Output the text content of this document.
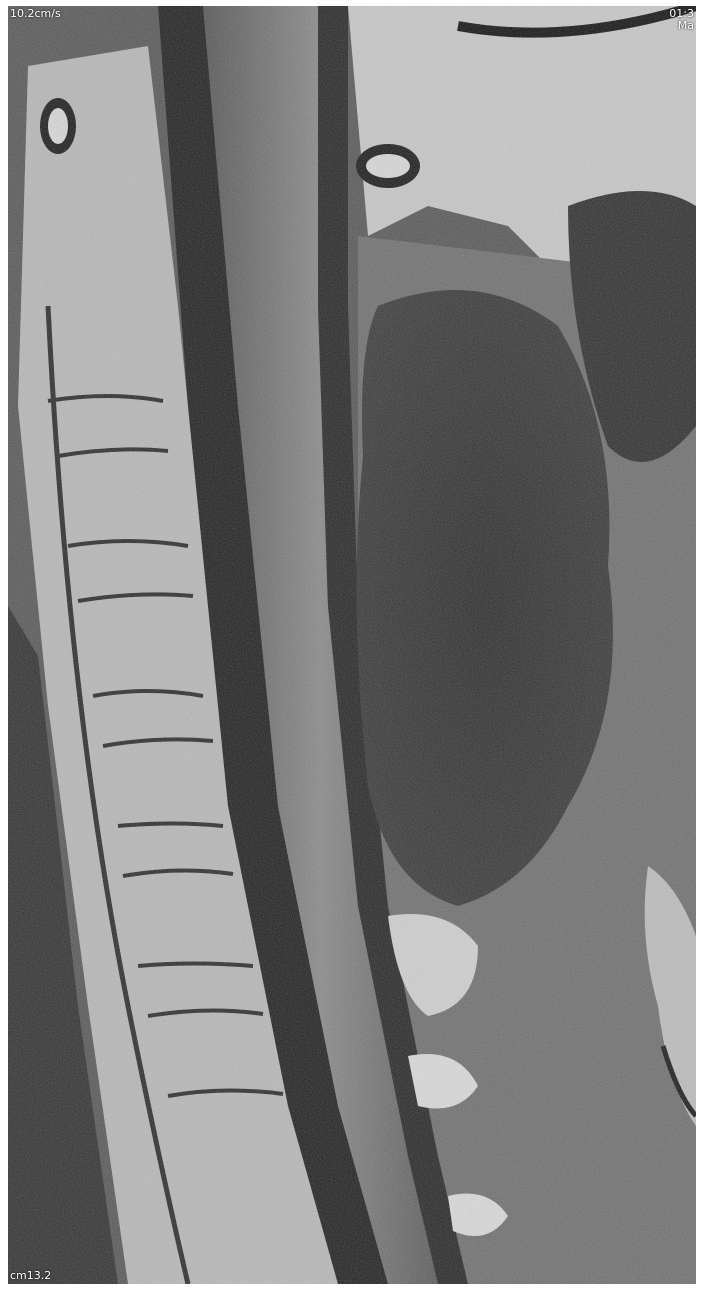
10.2cm/s	01:3
Ma
cm13.2
